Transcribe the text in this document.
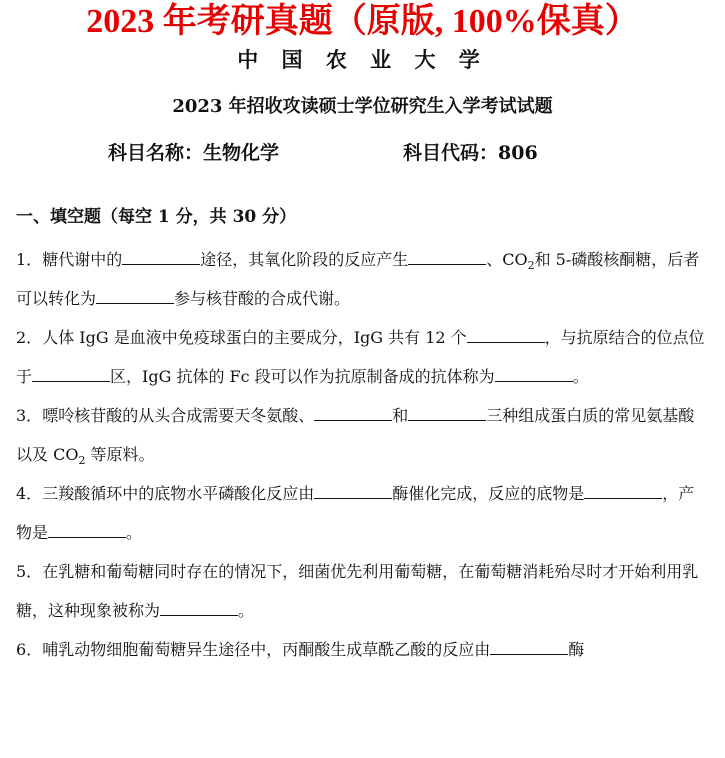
2023 年考研真题（原版, 100%保真）
中 国 农 业 大 学
2023 年招收攻读硕士学位研究生入学考试试题
科目名称：生物化学	科目代码：806
一、填空题（每空 1 分，共 30 分）
1．糖代谢中的	途径，其氧化阶段的反应产生	、$CO_2$和 5-磷酸核酮糖，后者可以转化为	参与核苷酸的合成代谢。
2．人体 IgG 是血液中免疫球蛋白的主要成分，IgG 共有 12 个	，与抗原结合的位点位于	区，IgG 抗体的 Fc 段可以作为抗原制备成的抗体称为	。
3．嘌呤核苷酸的从头合成需要天冬氨酸、	和	三种组成蛋白质的常见氨基酸以及 $CO_2$ 等原料。
4．三羧酸循环中的底物水平磷酸化反应由	酶催化完成，反应的底物是	，产物是	。
5．在乳糖和葡萄糖同时存在的情况下，细菌优先利用葡萄糖，在葡萄糖消耗殆尽时才开始利用乳糖，这种现象被称为	。
6．哺乳动物细胞葡萄糖异生途径中，丙酮酸生成草酰乙酸的反应由	酶
